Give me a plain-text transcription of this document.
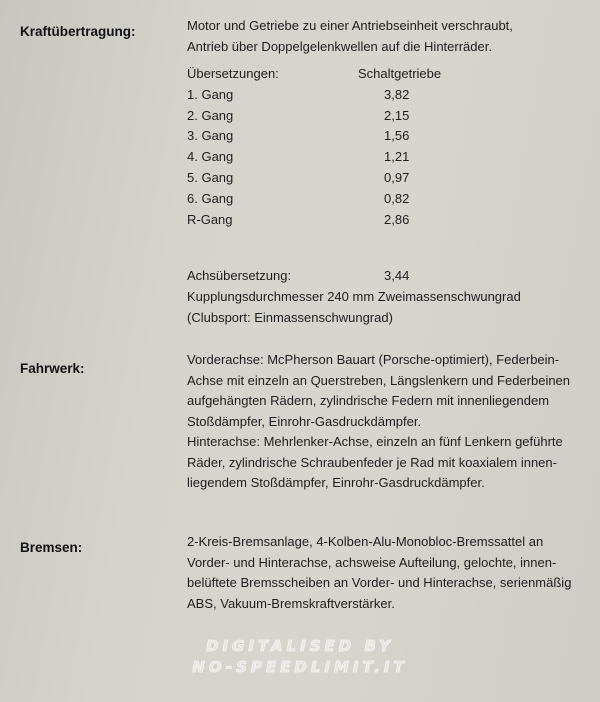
Kraftübertragung:	Motor und Getriebe zu einer Antriebseinheit verschraubt,
Antrieb über Doppelgelenkwellen auf die Hinterräder.
Übersetzungen:	Schaltgetriebe
1. Gang	3,82
2. Gang	2,15
3. Gang	1,56
4. Gang	1,21
5. Gang	0,97
6. Gang	0,82
R-Gang	2,86
Achsübersetzung:	3,44
Kupplungsdurchmesser 240 mm Zweimassenschwungrad
(Clubsport: Einmassenschwungrad)
Fahrwerk:
Vorderachse: McPherson Bauart (Porsche-optimiert), Federbein-
Achse mit einzeln an Querstreben, Längslenkern und Federbeinen
aufgehängten Rädern, zylindrische Federn mit innenliegendem
Stoßdämpfer, Einrohr-Gasdruckdämpfer.
Hinterachse: Mehrlenker-Achse, einzeln an fünf Lenkern geführte
Räder, zylindrische Schraubenfeder je Rad mit koaxialem innen-
liegendem Stoßdämpfer, Einrohr-Gasdruckdämpfer.
Bremsen:	2-Kreis-Bremsanlage, 4-Kolben-Alu-Monobloc-Bremssattel an
Vorder- und Hinterachse, achsweise Aufteilung, gelochte, innen-
belüftete Bremsscheiben an Vorder- und Hinterachse, serienmäßig
ABS, Vakuum-Bremskraftverstärker.
DIGITALISED BY
NO-SPEEDLIMIT.IT
